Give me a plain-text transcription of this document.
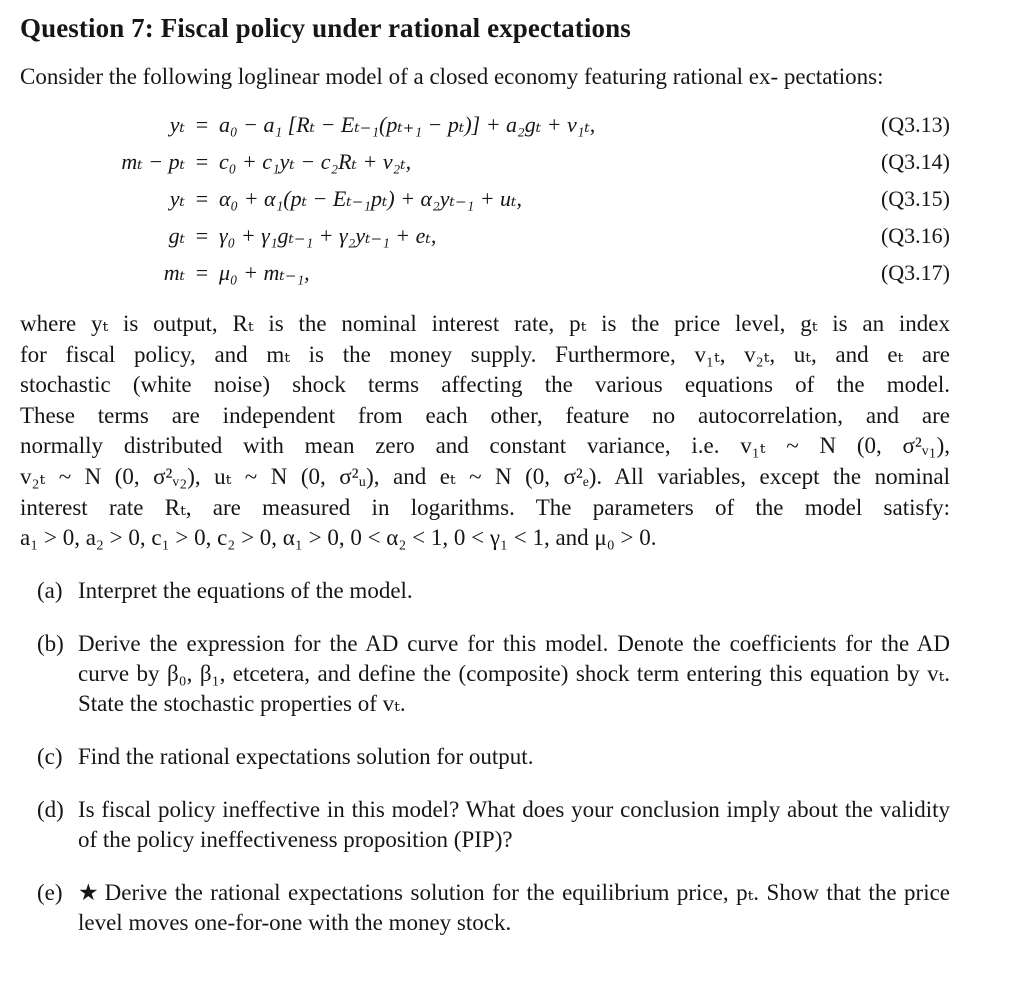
Question 7: Fiscal policy under rational expectations

Consider the following loglinear model of a closed economy featuring rational ex- pectations:

yₜ = a₀ − a₁ [Rₜ − Eₜ₋₁(pₜ₊₁ − pₜ)] + a₂gₜ + v₁ₜ,	(Q3.13)
mₜ − pₜ = c₀ + c₁yₜ − c₂Rₜ + v₂ₜ,	(Q3.14)
yₜ = α₀ + α₁(pₜ − Eₜ₋₁pₜ) + α₂yₜ₋₁ + uₜ,	(Q3.15)
gₜ = γ₀ + γ₁gₜ₋₁ + γ₂yₜ₋₁ + eₜ,	(Q3.16)
mₜ = μ₀ + mₜ₋₁,	(Q3.17)
where yₜ is output, Rₜ is the nominal interest rate, pₜ is the price level, gₜ is an index
for fiscal policy, and mₜ is the money supply. Furthermore, v₁ₜ, v₂ₜ, uₜ, and eₜ are
stochastic (white noise) shock terms affecting the various equations of the model.
These terms are independent from each other, feature no autocorrelation, and are
normally distributed with mean zero and constant variance, i.e. v₁ₜ ~ N (0, σ²ᵥ₁),
v₂ₜ ~ N (0, σ²ᵥ₂), uₜ ~ N (0, σ²ᵤ), and eₜ ~ N (0, σ²ₑ). All variables, except the nominal
interest rate Rₜ, are measured in logarithms. The parameters of the model satisfy:
a₁ > 0, a₂ > 0, c₁ > 0, c₂ > 0, α₁ > 0, 0 < α₂ < 1, 0 < γ₁ < 1, and μ₀ > 0.
(a) Interpret the equations of the model.
(b) Derive the expression for the AD curve for this model. Denote the coefficients for the AD curve by β₀, β₁, etcetera, and define the (composite) shock term entering this equation by vₜ. State the stochastic properties of vₜ.
(c) Find the rational expectations solution for output.
(d) Is fiscal policy ineffective in this model? What does your conclusion imply about the validity of the policy ineffectiveness proposition (PIP)?
(e) ★ Derive the rational expectations solution for the equilibrium price, pₜ. Show that the price level moves one-for-one with the money stock.
